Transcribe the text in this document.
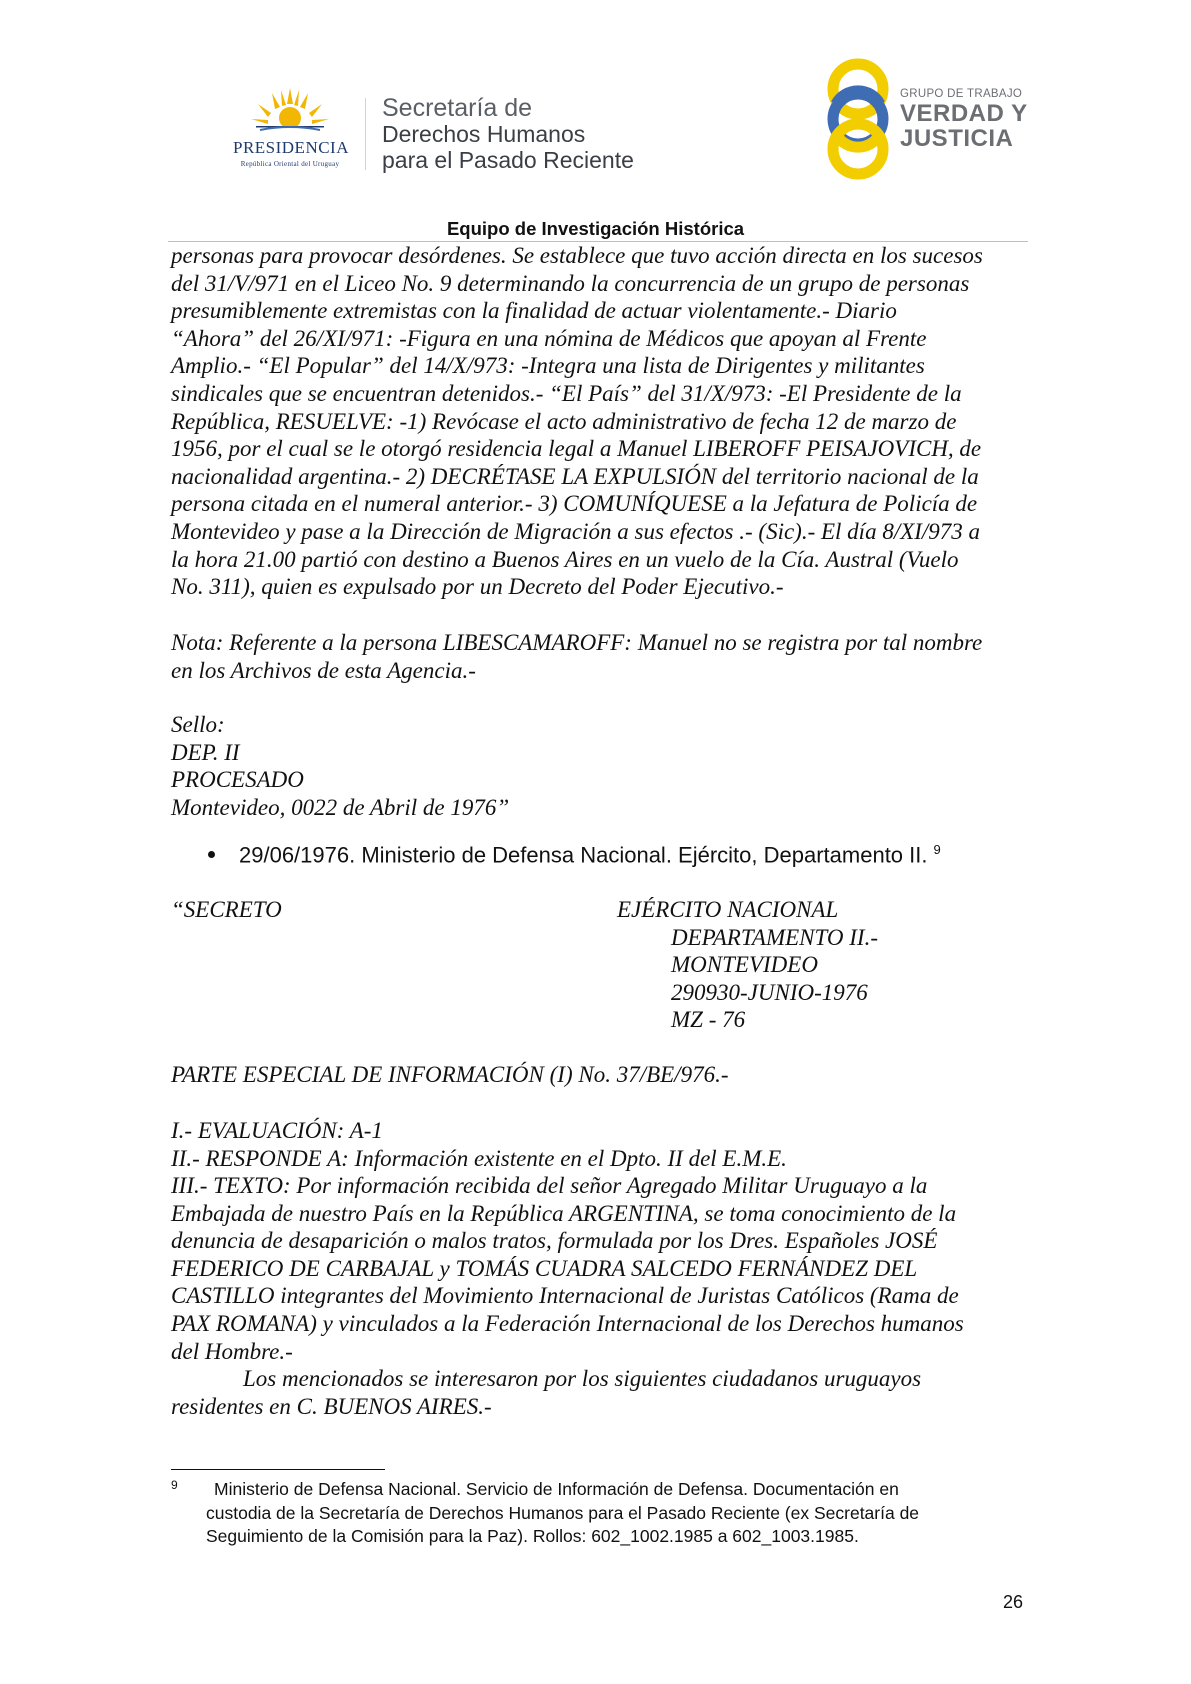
PRESIDENCIA
República Oriental del Uruguay
Secretaría de
Derechos Humanos
para el Pasado Reciente
GRUPO DE TRABAJO
VERDAD Y
JUSTICIA
Equipo de Investigación Histórica
personas para provocar desórdenes. Se establece que tuvo acción directa en los sucesos
del 31/V/971 en el Liceo No. 9 determinando la concurrencia de un grupo de personas
presumiblemente extremistas con la finalidad de actuar violentamente.- Diario
“Ahora” del 26/XI/971: -Figura en una nómina de Médicos que apoyan al Frente
Amplio.- “El Popular” del 14/X/973: -Integra una lista de Dirigentes y militantes
sindicales que se encuentran detenidos.- “El País” del 31/X/973: -El Presidente de la
República, RESUELVE: -1) Revócase el acto administrativo de fecha 12 de marzo de
1956, por el cual se le otorgó residencia legal a Manuel LIBEROFF PEISAJOVICH, de
nacionalidad argentina.- 2) DECRÉTASE LA EXPULSIÓN del territorio nacional de la
persona citada en el numeral anterior.- 3) COMUNÍQUESE a la Jefatura de Policía de
Montevideo y pase a la Dirección de Migración a sus efectos .- (Sic).- El día 8/XI/973 a
la hora 21.00 partió con destino a Buenos Aires en un vuelo de la Cía. Austral (Vuelo
No. 311), quien es expulsado por un Decreto del Poder Ejecutivo.-
Nota: Referente a la persona LIBESCAMAROFF: Manuel no se registra por tal nombre
en los Archivos de esta Agencia.-
Sello:
DEP. II
PROCESADO
Montevideo, 0022 de Abril de 1976”
29/06/1976. Ministerio de Defensa Nacional. Ejército, Departamento II. $^9$
“SECRETO	EJÉRCITO NACIONAL
DEPARTAMENTO II.-
MONTEVIDEO
290930-JUNIO-1976
MZ - 76
PARTE ESPECIAL DE INFORMACIÓN (I) No. 37/BE/976.-
I.- EVALUACIÓN: A-1
II.- RESPONDE A: Información existente en el Dpto. II del E.M.E.
III.- TEXTO: Por información recibida del señor Agregado Militar Uruguayo a la
Embajada de nuestro País en la República ARGENTINA, se toma conocimiento de la
denuncia de desaparición o malos tratos, formulada por los Dres. Españoles JOSÉ
FEDERICO DE CARBAJAL y TOMÁS CUADRA SALCEDO FERNÁNDEZ DEL
CASTILLO integrantes del Movimiento Internacional de Juristas Católicos (Rama de
PAX ROMANA) y vinculados a la Federación Internacional de los Derechos humanos
del Hombre.-
Los mencionados se interesaron por los siguientes ciudadanos uruguayos
residentes en C. BUENOS AIRES.-
9	Ministerio de Defensa Nacional. Servicio de Información de Defensa. Documentación en
custodia de la Secretaría de Derechos Humanos para el Pasado Reciente (ex Secretaría de
Seguimiento de la Comisión para la Paz). Rollos: 602_1002.1985 a 602_1003.1985.
26
